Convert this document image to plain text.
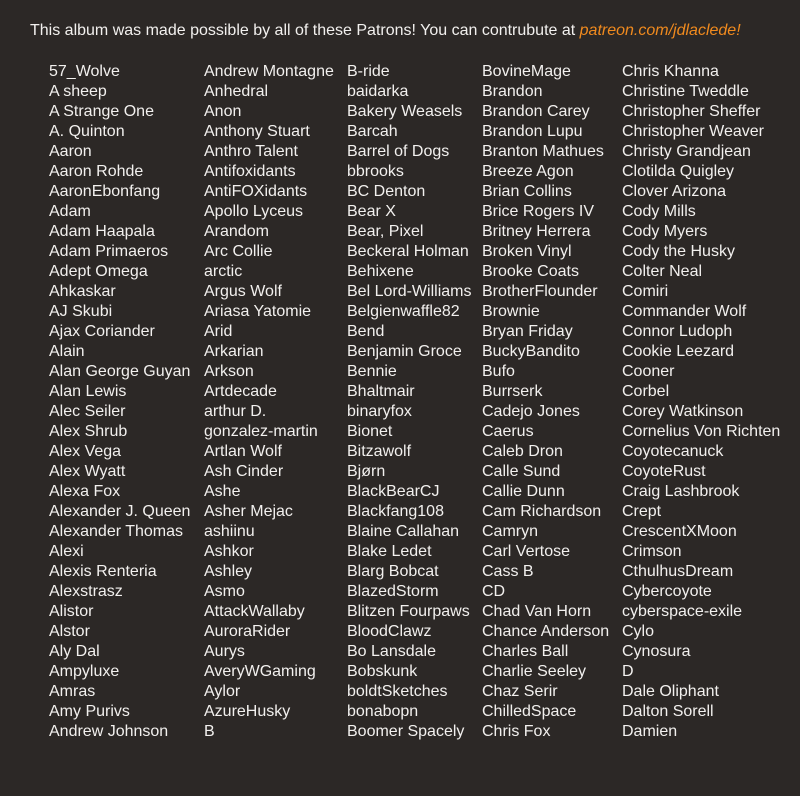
This album was made possible by all of these Patrons! You can contrubute at patreon.com/jdlaclede!
57_Wolve
A sheep
A Strange One
A. Quinton
Aaron
Aaron Rohde
AaronEbonfang
Adam
Adam Haapala
Adam Primaeros
Adept Omega
Ahkaskar
AJ Skubi
Ajax Coriander
Alain
Alan George Guyan
Alan Lewis
Alec Seiler
Alex Shrub
Alex Vega
Alex Wyatt
Alexa Fox
Alexander J. Queen
Alexander Thomas
Alexi
Alexis Renteria
Alexstrasz
Alistor
Alstor
Aly Dal
Ampyluxe
Amras
Amy Purivs
Andrew Johnson
Andrew Montagne
Anhedral
Anon
Anthony Stuart
Anthro Talent
Antifoxidants
AntiFOXidants
Apollo Lyceus
Arandom
Arc Collie
arctic
Argus Wolf
Ariasa Yatomie
Arid
Arkarian
Arkson
Artdecade
arthur D.
gonzalez-martin
Artlan Wolf
Ash Cinder
Ashe
Asher Mejac
ashiinu
Ashkor
Ashley
Asmo
AttackWallaby
AuroraRider
Aurys
AveryWGaming
Aylor
AzureHusky
B
B-ride
baidarka
Bakery Weasels
Barcah
Barrel of Dogs
bbrooks
BC Denton
Bear X
Bear, Pixel
Beckeral Holman
Behixene
Bel Lord-Williams
Belgienwaffle82
Bend
Benjamin Groce
Bennie
Bhaltmair
binaryfox
Bionet
Bitzawolf
Bjørn
BlackBearCJ
Blackfang108
Blaine Callahan
Blake Ledet
Blarg Bobcat
BlazedStorm
Blitzen Fourpaws
BloodClawz
Bo Lansdale
Bobskunk
boldtSketches
bonabopn
Boomer Spacely
BovineMage
Brandon
Brandon Carey
Brandon Lupu
Branton Mathues
Breeze Agon
Brian Collins
Brice Rogers IV
Britney Herrera
Broken Vinyl
Brooke Coats
BrotherFlounder
Brownie
Bryan Friday
BuckyBandito
Bufo
Burrserk
Cadejo Jones
Caerus
Caleb Dron
Calle Sund
Callie Dunn
Cam Richardson
Camryn
Carl Vertose
Cass B
CD
Chad Van Horn
Chance Anderson
Charles Ball
Charlie Seeley
Chaz Serir
ChilledSpace
Chris Fox
Chris Khanna
Christine Tweddle
Christopher Sheffer
Christopher Weaver
Christy Grandjean
Clotilda Quigley
Clover Arizona
Cody Mills
Cody Myers
Cody the Husky
Colter Neal
Comiri
Commander Wolf
Connor Ludoph
Cookie Leezard
Cooner
Corbel
Corey Watkinson
Cornelius Von Richten
Coyotecanuck
CoyoteRust
Craig Lashbrook
Crept
CrescentXMoon
Crimson
CthulhusDream
Cybercoyote
cyberspace-exile
Cylo
Cynosura
D
Dale Oliphant
Dalton Sorell
Damien
